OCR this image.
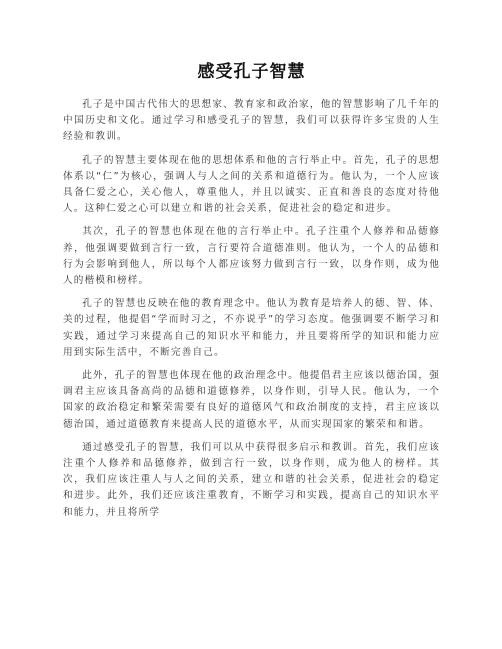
感受孔子智慧

孔子是中国古代伟大的思想家、教育家和政治家，他的智慧影响了几千年的中国历史和文化。通过学习和感受孔子的智慧，我们可以获得许多宝贵的人生经验和教训。

孔子的智慧主要体现在他的思想体系和他的言行举止中。首先，孔子的思想体系以“仁”为核心，强调人与人之间的关系和道德行为。他认为，一个人应该具备仁爱之心，关心他人，尊重他人，并且以诚实、正直和善良的态度对待他人。这种仁爱之心可以建立和谐的社会关系，促进社会的稳定和进步。

其次，孔子的智慧也体现在他的言行举止中。孔子注重个人修养和品德修养，他强调要做到言行一致，言行要符合道德准则。他认为，一个人的品德和行为会影响到他人，所以每个人都应该努力做到言行一致，以身作则，成为他人的楷模和榜样。

孔子的智慧也反映在他的教育理念中。他认为教育是培养人的德、智、体、美的过程，他提倡“学而时习之，不亦说乎”的学习态度。他强调要不断学习和实践，通过学习来提高自己的知识水平和能力，并且要将所学的知识和能力应用到实际生活中，不断完善自己。

此外，孔子的智慧也体现在他的政治理念中。他提倡君主应该以德治国，强调君主应该具备高尚的品德和道德修养，以身作则，引导人民。他认为，一个国家的政治稳定和繁荣需要有良好的道德风气和政治制度的支持，君主应该以德治国，通过道德教育来提高人民的道德水平，从而实现国家的繁荣和和谐。

通过感受孔子的智慧，我们可以从中获得很多启示和教训。首先，我们应该注重个人修养和品德修养，做到言行一致，以身作则，成为他人的榜样。其次，我们应该注重人与人之间的关系，建立和谐的社会关系，促进社会的稳定和进步。此外，我们还应该注重教育，不断学习和实践，提高自己的知识水平和能力，并且将所学
